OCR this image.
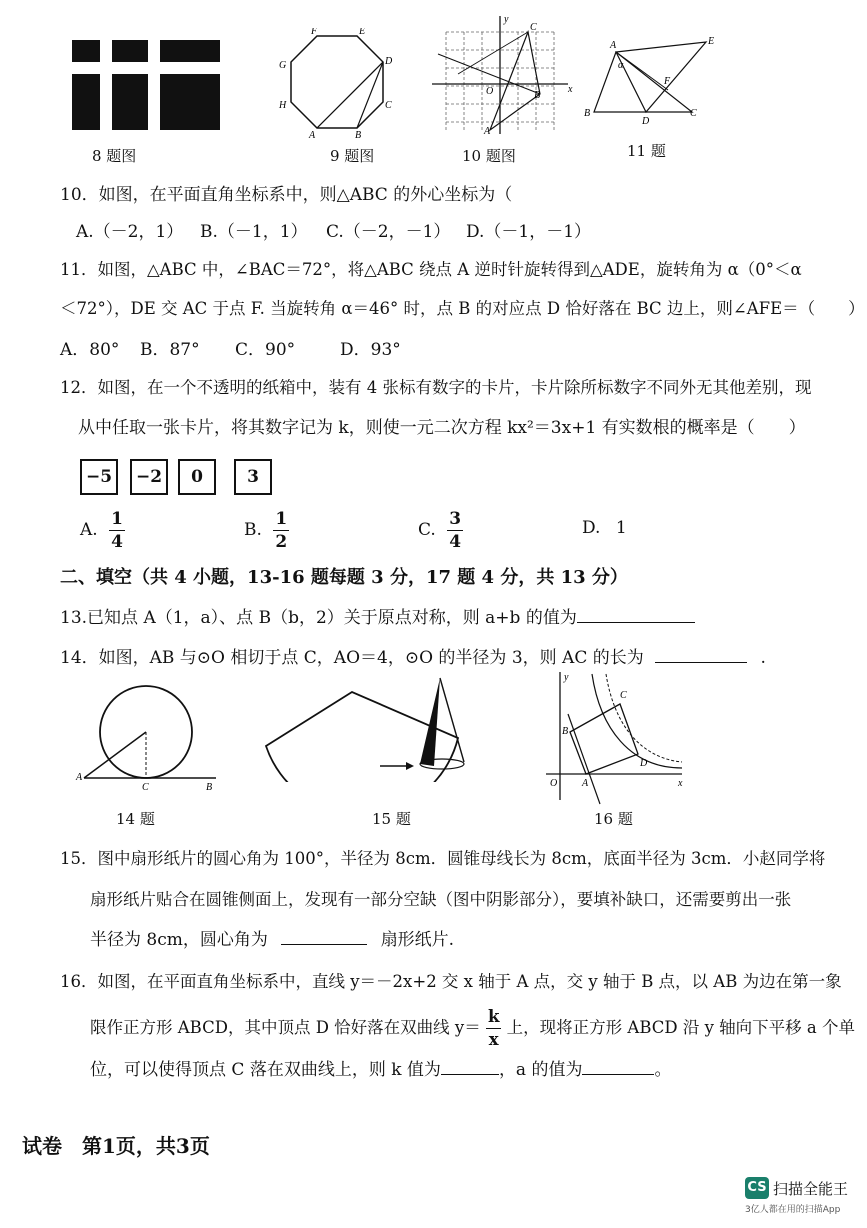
8 题图
F	E
G	D
H	C
A	B
9 题图
y
C
x
O	B
A
10 题图
A	E
α
F
B
D
C
11 题
10．如图，在平面直角坐标系中，则△ABC 的外心坐标为（
A.（－2，1） B.（－1，1） C.（－2，－1） D.（－1，－1）
11．如图，△ABC 中，∠BAC＝72°，将△ABC 绕点 A 逆时针旋转得到△ADE，旋转角为 α（0°＜α
＜72°），DE 交 AC 于点 F. 当旋转角 α＝46° 时，点 B 的对应点 D 恰好落在 BC 边上，则∠AFE＝（　　）
A．80° B．87° C．90°	D．93°
12．如图，在一个不透明的纸箱中，装有 4 张标有数字的卡片，卡片除所标数字不同外无其他差别，现
从中任取一张卡片，将其数字记为 k，则使一元二次方程 kx²＝3x+1 有实数根的概率是（　　）
−5	−2	0	3
A. $\frac{1}{4}$	B. $\frac{1}{2}$	C. $\frac{3}{4}$	D. 1
二、填空（共 4 小题，13-16 题每题 3 分，17 题 4 分，共 13 分）
13.已知点 A（1，a）、点 B（b，2）关于原点对称，则 a+b 的值为
14．如图，AB 与⊙O 相切于点 C，AO＝4，⊙O 的半径为 3，则 AC 的长为	.
A
C	B
14 题	15 题
y
C
B
D
O A	x
16 题
15．图中扇形纸片的圆心角为 100°，半径为 8cm．圆锥母线长为 8cm，底面半径为 3cm．小赵同学将
扇形纸片贴合在圆锥侧面上，发现有一部分空缺（图中阴影部分），要填补缺口，还需要剪出一张
半径为 8cm，圆心角为	扇形纸片.
16．如图，在平面直角坐标系中，直线 y＝－2x+2 交 x 轴于 A 点，交 y 轴于 B 点，以 AB 为边在第一象
限作正方形 ABCD，其中顶点 D 恰好落在双曲线 $y= \frac{k}{x}$ 上，现将正方形 ABCD 沿 y 轴向下平移 a 个单
位，可以使得顶点 C 落在双曲线上，则 k 值为	，a 的值为	。
试卷　第1页，共3页
CS 扫描全能王
3亿人都在用的扫描App
